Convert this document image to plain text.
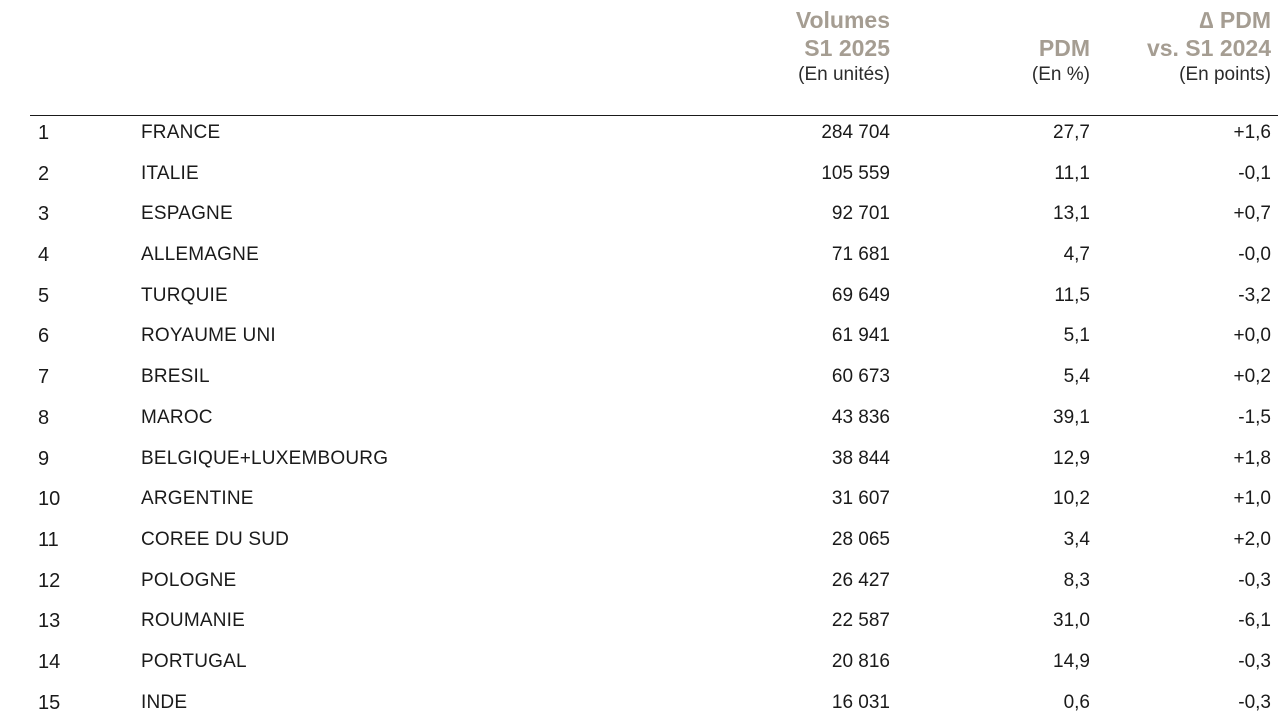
Volumes
S1 2025
(En unités)
PDM
(En %)
∆ PDM
vs. S1 2024
(En points)
1	FRANCE	284 704	27,7	+1,6
2	ITALIE	105 559	11,1	-0,1
3	ESPAGNE	92 701	13,1	+0,7
4	ALLEMAGNE	71 681	4,7	-0,0
5	TURQUIE	69 649	11,5	-3,2
6	ROYAUME UNI	61 941	5,1	+0,0
7	BRESIL	60 673	5,4	+0,2
8	MAROC	43 836	39,1	-1,5
9	BELGIQUE+LUXEMBOURG	38 844	12,9	+1,8
10	ARGENTINE	31 607	10,2	+1,0
11	COREE DU SUD	28 065	3,4	+2,0
12	POLOGNE	26 427	8,3	-0,3
13	ROUMANIE	22 587	31,0	-6,1
14	PORTUGAL	20 816	14,9	-0,3
15	INDE	16 031	0,6	-0,3
